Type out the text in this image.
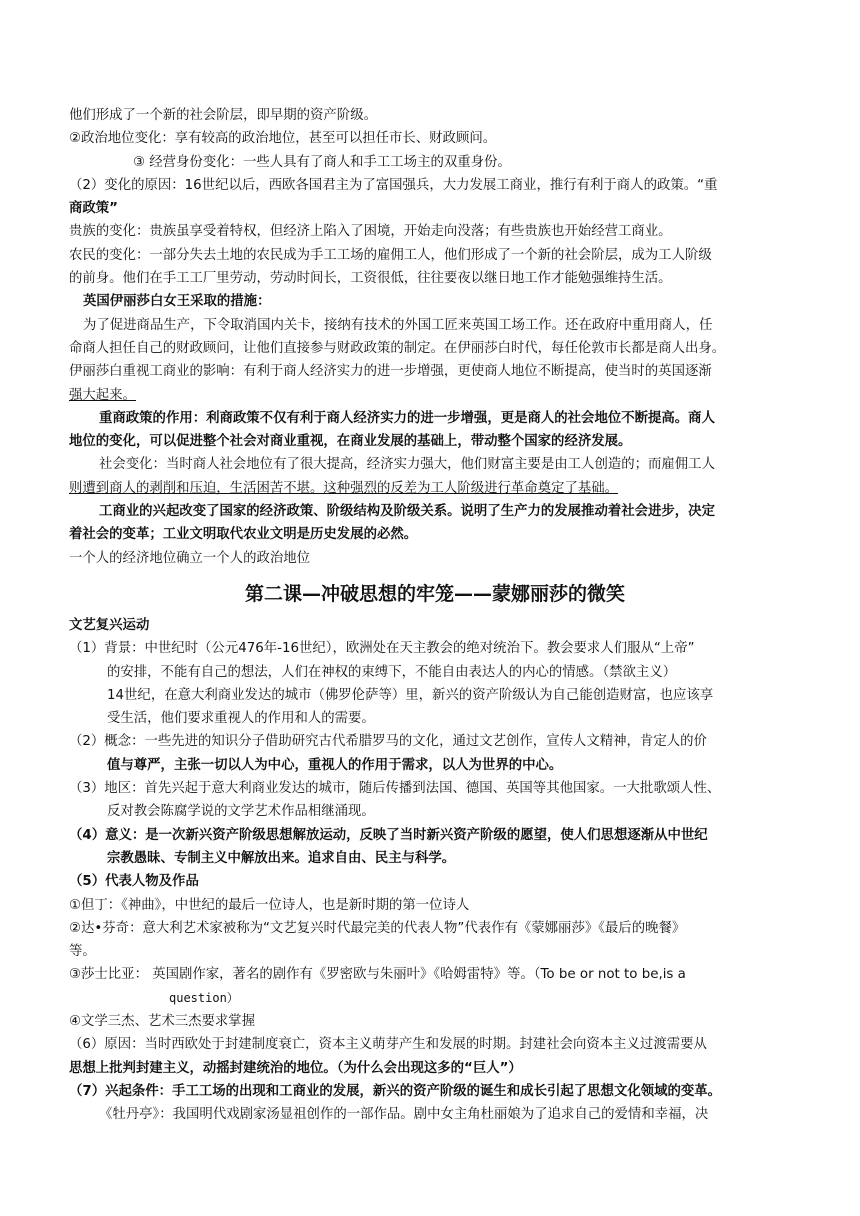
他们形成了一个新的社会阶层，即早期的资产阶级。
②政治地位变化：享有较高的政治地位，甚至可以担任市长、财政顾问。
③ 经营身份变化：一些人具有了商人和手工工场主的双重身份。
（2）变化的原因：16世纪以后，西欧各国君主为了富国强兵，大力发展工商业，推行有利于商人的政策。“重
商政策”
贵族的变化：贵族虽享受着特权，但经济上陷入了困境，开始走向没落；有些贵族也开始经营工商业。
农民的变化：一部分失去土地的农民成为手工工场的雇佣工人，他们形成了一个新的社会阶层，成为工人阶级
的前身。他们在手工工厂里劳动，劳动时间长，工资很低，往往要夜以继日地工作才能勉强维持生活。
英国伊丽莎白女王采取的措施：
为了促进商品生产，下令取消国内关卡，接纳有技术的外国工匠来英国工场工作。还在政府中重用商人，任
命商人担任自己的财政顾问，让他们直接参与财政政策的制定。在伊丽莎白时代，每任伦敦市长都是商人出身。
伊丽莎白重视工商业的影响：有利于商人经济实力的进一步增强，更使商人地位不断提高，使当时的英国逐渐
强大起来。
重商政策的作用：利商政策不仅有利于商人经济实力的进一步增强，更是商人的社会地位不断提高。商人
地位的变化，可以促进整个社会对商业重视，在商业发展的基础上，带动整个国家的经济发展。
社会变化：当时商人社会地位有了很大提高，经济实力强大，他们财富主要是由工人创造的；而雇佣工人
则遭到商人的剥削和压迫，生活困苦不堪。这种强烈的反差为工人阶级进行革命奠定了基础。
工商业的兴起改变了国家的经济政策、阶级结构及阶级关系。说明了生产力的发展推动着社会进步，决定
着社会的变革；工业文明取代农业文明是历史发展的必然。
一个人的经济地位确立一个人的政治地位
第二课—冲破思想的牢笼——蒙娜丽莎的微笑
文艺复兴运动
（1）背景：中世纪时（公元476年-16世纪），欧洲处在天主教会的绝对统治下。教会要求人们服从“上帝”
的安排，不能有自己的想法，人们在神权的束缚下，不能自由表达人的内心的情感。（禁欲主义）
14世纪，在意大利商业发达的城市（佛罗伦萨等）里，新兴的资产阶级认为自己能创造财富，也应该享
受生活，他们要求重视人的作用和人的需要。
（2）概念：一些先进的知识分子借助研究古代希腊罗马的文化，通过文艺创作，宣传人文精神，肯定人的价
值与尊严，主张一切以人为中心，重视人的作用于需求，以人为世界的中心。
（3）地区：首先兴起于意大利商业发达的城市，随后传播到法国、德国、英国等其他国家。一大批歌颂人性、
反对教会陈腐学说的文学艺术作品相继涌现。
（4）意义：是一次新兴资产阶级思想解放运动，反映了当时新兴资产阶级的愿望，使人们思想逐渐从中世纪
宗教愚昧、专制主义中解放出来。追求自由、民主与科学。
（5）代表人物及作品
①但丁：《神曲》，中世纪的最后一位诗人，也是新时期的第一位诗人
②达•芬奇：意大利艺术家被称为“文艺复兴时代最完美的代表人物”代表作有《蒙娜丽莎》《最后的晚餐》
等。
③莎士比亚： 英国剧作家，著名的剧作有《罗密欧与朱丽叶》《哈姆雷特》等。（To be or not to be,is a
question）
④文学三杰、艺术三杰要求掌握
（6）原因：当时西欧处于封建制度衰亡，资本主义萌芽产生和发展的时期。封建社会向资本主义过渡需要从
思想上批判封建主义，动摇封建统治的地位。（为什么会出现这多的“巨人”）
（7）兴起条件：手工工场的出现和工商业的发展，新兴的资产阶级的诞生和成长引起了思想文化领域的变革。
《牡丹亭》：我国明代戏剧家汤显祖创作的一部作品。剧中女主角杜丽娘为了追求自己的爱情和幸福，决
